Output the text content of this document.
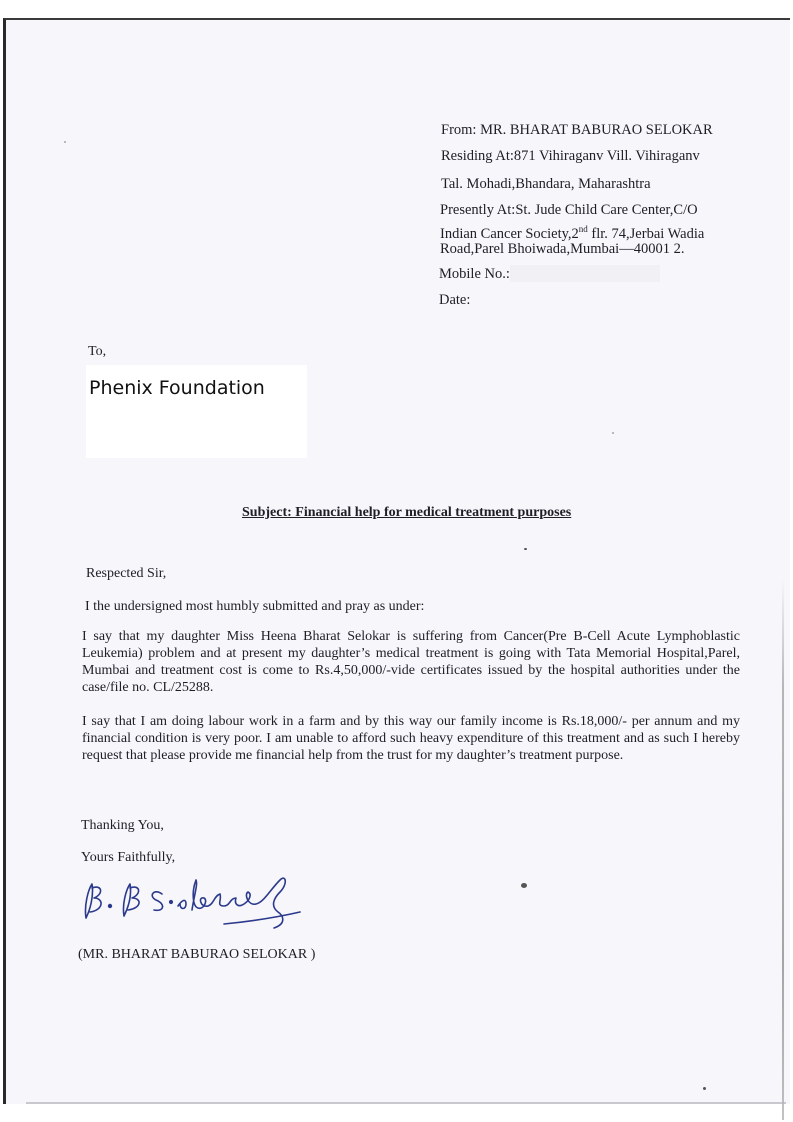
From: MR. BHARAT BABURAO SELOKAR
Residing At:871 Vihiraganv Vill. Vihiraganv
Tal. Mohadi,Bhandara, Maharashtra
Presently At:St. Jude Child Care Center,C/O
Indian Cancer Society,2nd flr. 74,Jerbai Wadia
Road,Parel Bhoiwada,Mumbai—40001 2.
Mobile No.:
Date:
To,
Phenix Foundation
Subject: Financial help for medical treatment purposes
Respected Sir,
I the undersigned most humbly submitted and pray as under:
I say that my daughter Miss Heena Bharat Selokar is suffering from Cancer(Pre B-Cell Acute Lymphoblastic Leukemia) problem and at present my daughter’s medical treatment is going with Tata Memorial Hospital,Parel, Mumbai and treatment cost is come to Rs.4,50,000/-vide certificates issued by the hospital authorities under the case/file no. CL/25288.
I say that I am doing labour work in a farm and by this way our family income is Rs.18,000/- per annum and my financial condition is very poor. I am unable to afford such heavy expenditure of this treatment and as such I hereby request that please provide me financial help from the trust for my daughter’s treatment purpose.
Thanking You,
Yours Faithfully,
(MR. BHARAT BABURAO SELOKAR )
